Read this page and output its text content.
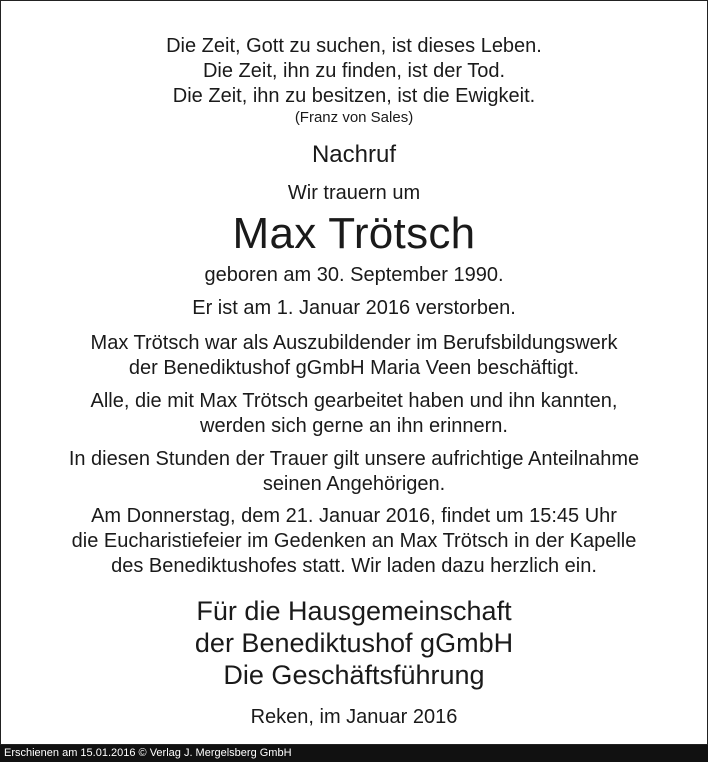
Die Zeit, Gott zu suchen, ist dieses Leben.
Die Zeit, ihn zu finden, ist der Tod.
Die Zeit, ihn zu besitzen, ist die Ewigkeit.
(Franz von Sales)
Nachruf
Wir trauern um
Max Trötsch
geboren am 30. September 1990.
Er ist am 1. Januar 2016 verstorben.
Max Trötsch war als Auszubildender im Berufsbildungswerk
der Benediktushof gGmbH Maria Veen beschäftigt.
Alle, die mit Max Trötsch gearbeitet haben und ihn kannten,
werden sich gerne an ihn erinnern.
In diesen Stunden der Trauer gilt unsere aufrichtige Anteilnahme
seinen Angehörigen.
Am Donnerstag, dem 21. Januar 2016, findet um 15:45 Uhr
die Eucharistiefeier im Gedenken an Max Trötsch in der Kapelle
des Benediktushofes statt. Wir laden dazu herzlich ein.
Für die Hausgemeinschaft
der Benediktushof gGmbH
Die Geschäftsführung
Reken, im Januar 2016
Erschienen am 15.01.2016 © Verlag J. Mergelsberg GmbH
